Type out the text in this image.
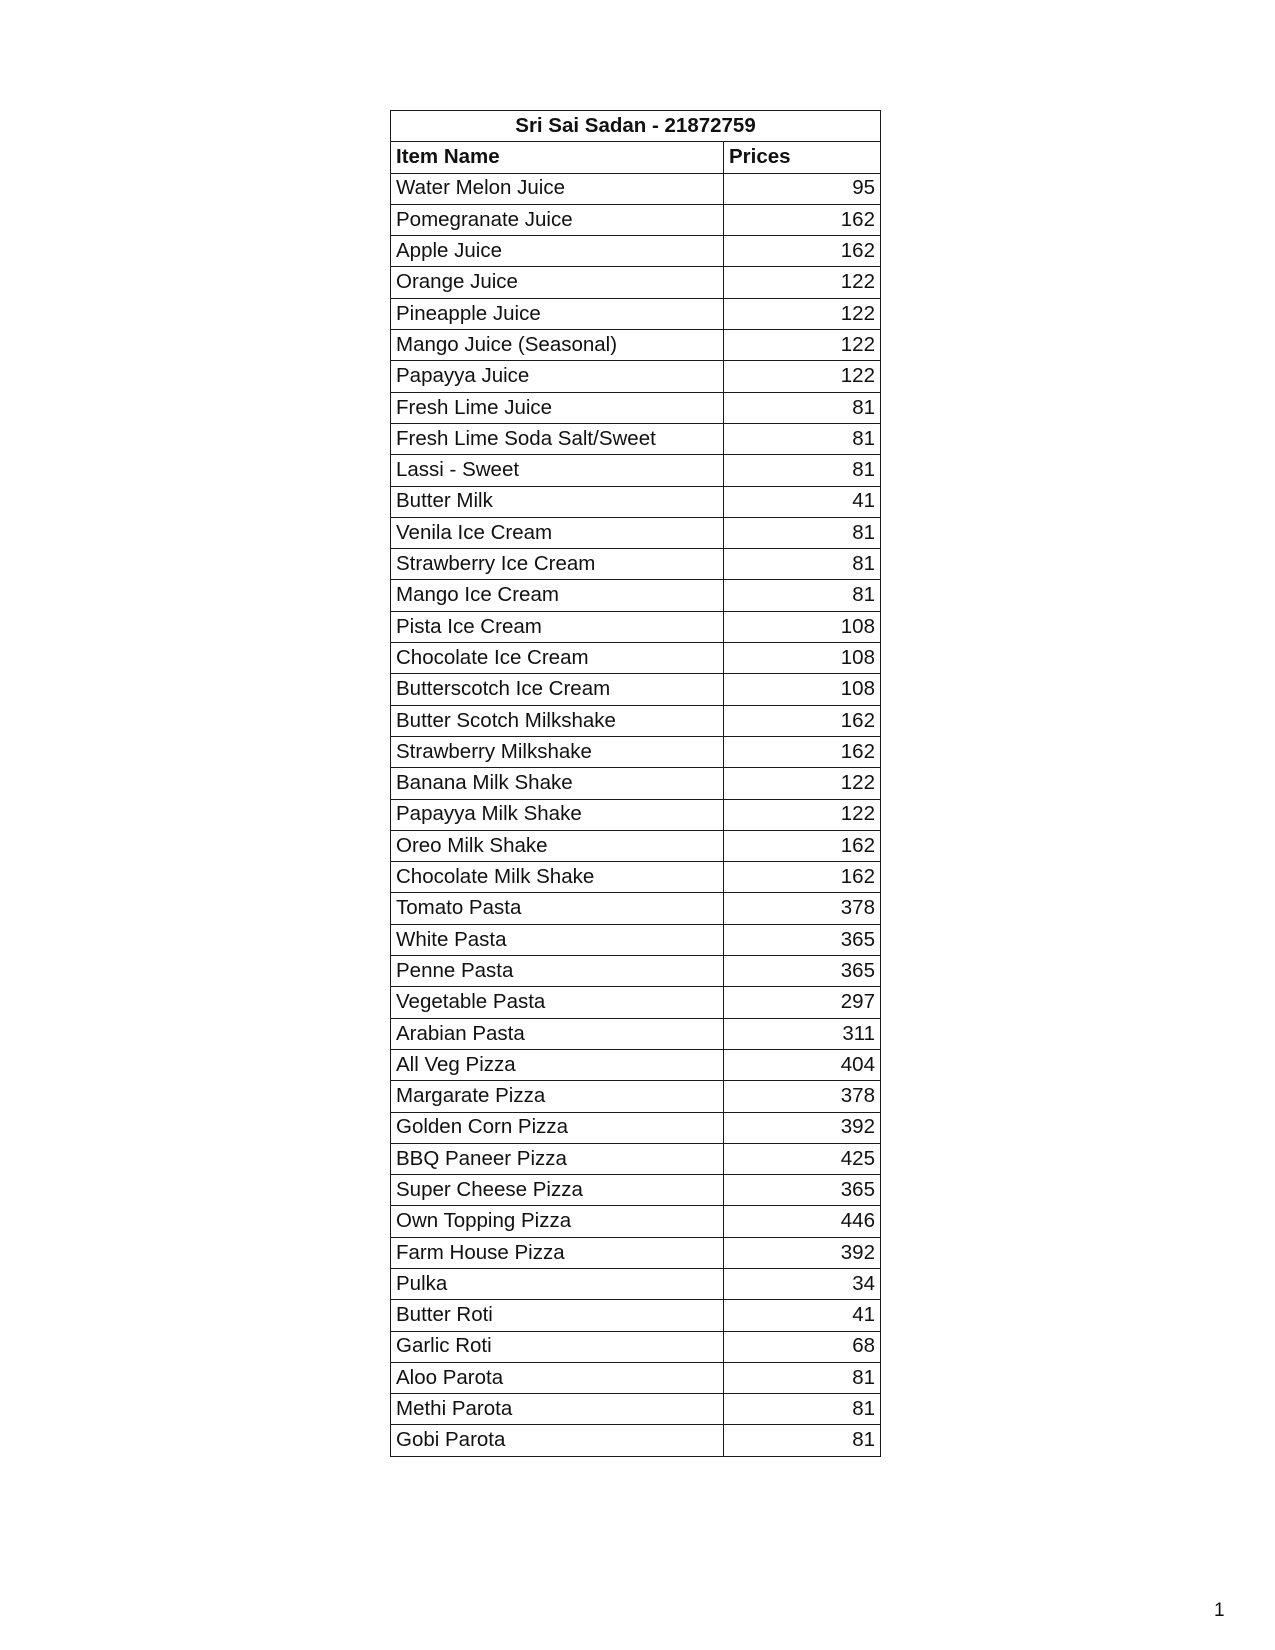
Sri Sai Sadan - 21872759	
Item Name	Prices
Water Melon Juice	95
Pomegranate Juice	162
Apple Juice	162
Orange Juice	122
Pineapple Juice	122
Mango Juice (Seasonal)	122
Papayya Juice	122
Fresh Lime Juice	81
Fresh Lime Soda Salt/Sweet	81
Lassi - Sweet	81
Butter Milk	41
Venila Ice Cream	81
Strawberry Ice Cream	81
Mango Ice Cream	81
Pista Ice Cream	108
Chocolate Ice Cream	108
Butterscotch Ice Cream	108
Butter Scotch Milkshake	162
Strawberry Milkshake	162
Banana Milk Shake	122
Papayya Milk Shake	122
Oreo Milk Shake	162
Chocolate Milk Shake	162
Tomato Pasta	378
White Pasta	365
Penne Pasta	365
Vegetable Pasta	297
Arabian Pasta	311
All Veg Pizza	404
Margarate Pizza	378
Golden Corn Pizza	392
BBQ Paneer Pizza	425
Super Cheese Pizza	365
Own Topping Pizza	446
Farm House Pizza	392
Pulka	34
Butter Roti	41
Garlic Roti	68
Aloo Parota	81
Methi Parota	81
Gobi Parota	81
1
